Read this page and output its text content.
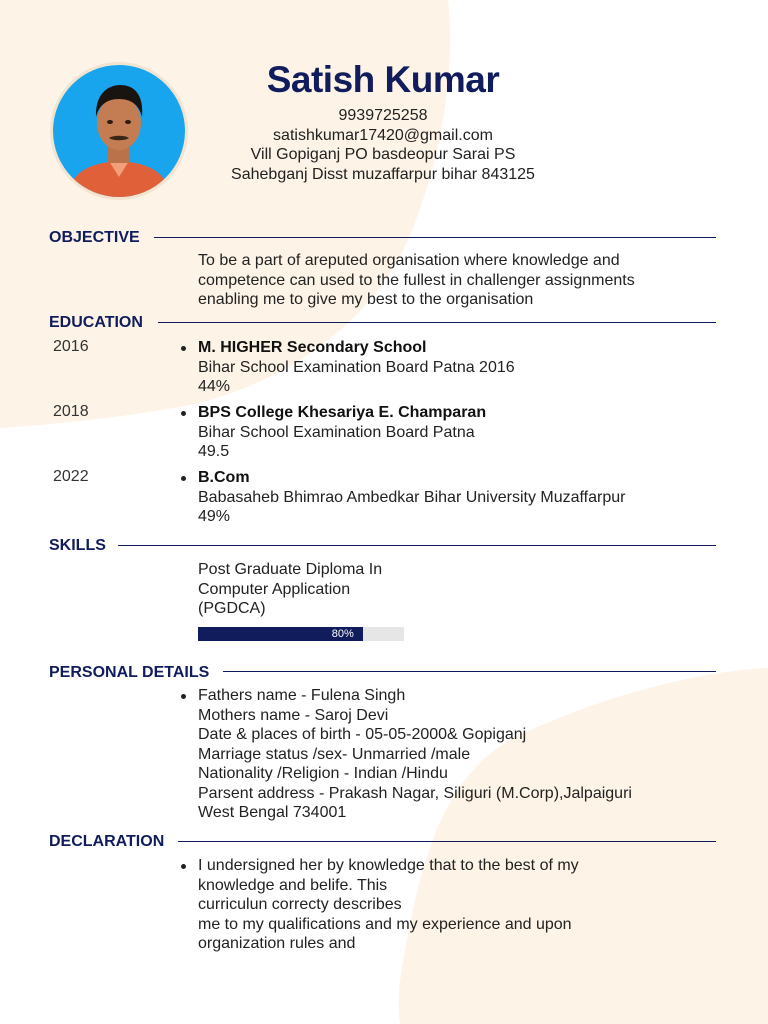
Satish Kumar
9939725258
satishkumar17420@gmail.com
Vill Gopiganj PO basdeopur Sarai PS
Sahebganj Disst muzaffarpur bihar 843125
OBJECTIVE
To be a part of areputed organisation where knowledge and
competence can used to the fullest in challenger assignments
enabling me to give my best to the organisation
EDUCATION
2016	M. HIGHER Secondary School
Bihar School Examination Board Patna 2016
44%
2018	BPS College Khesariya E. Champaran
Bihar School Examination Board Patna
49.5
2022	B.Com
Babasaheb Bhimrao Ambedkar Bihar University Muzaffarpur
49%
SKILLS
Post Graduate Diploma In
Computer Application
(PGDCA)
80%
PERSONAL DETAILS
Fathers name - Fulena Singh
Mothers name - Saroj Devi
Date & places of birth - 05-05-2000& Gopiganj
Marriage status /sex- Unmarried /male
Nationality /Religion - Indian /Hindu
Parsent address - Prakash Nagar, Siliguri (M.Corp),Jalpaiguri
West Bengal 734001
DECLARATION
I undersigned her by knowledge that to the best of my
knowledge and belife. This
curriculun correcty describes
me to my qualifications and my experience and upon
organization rules and
